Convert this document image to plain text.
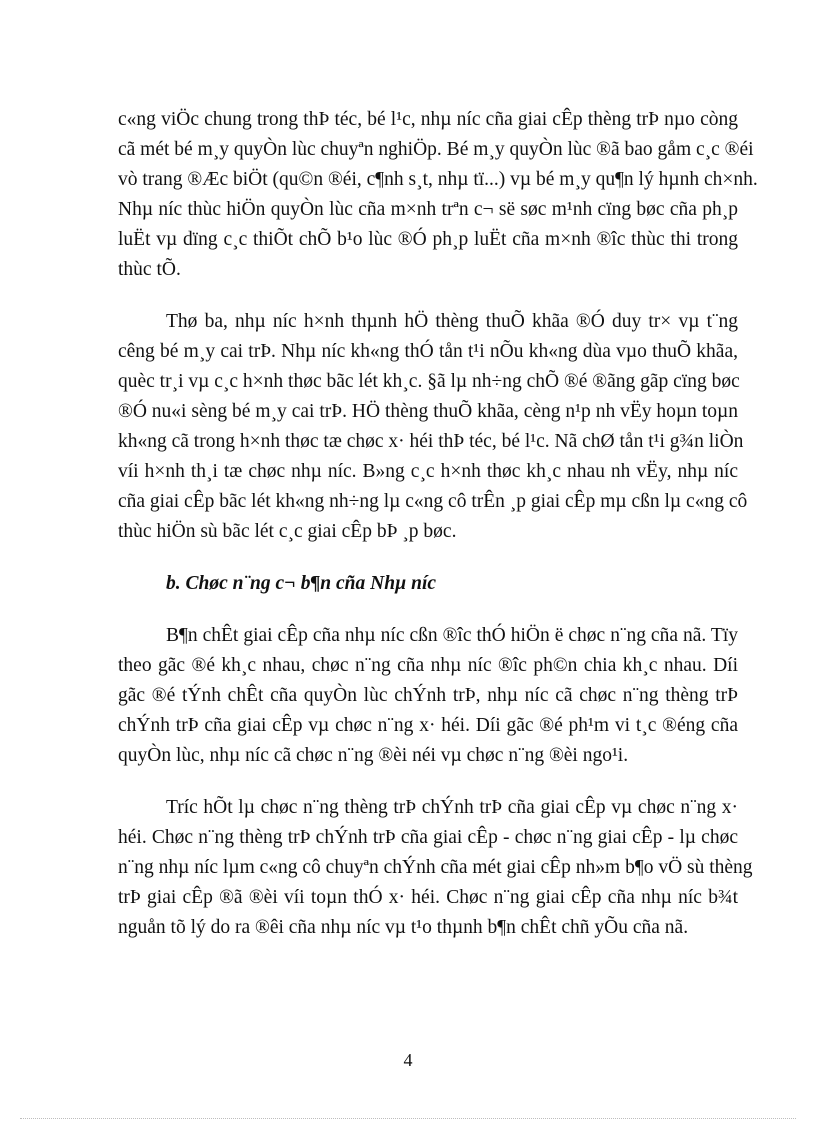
c«ng viÖc chung trong thÞ téc, bé l¹c, nhµ níc cña giai cÊp thèng trÞ nµo còng
cã mét bé m¸y quyÒn lùc chuyªn nghiÖp. Bé m¸y quyÒn lùc ®ã bao gåm c¸c ®éi
vò trang ®Æc biÖt (qu©n ®éi, c¶nh s¸t, nhµ tï...) vµ bé m¸y qu¶n lý hµnh ch×nh.
Nhµ níc thùc hiÖn quyÒn lùc cña m×nh trªn c¬ së søc m¹nh cïng bøc cña ph¸p
luËt vµ dïng c¸c thiÕt chÕ b¹o lùc ®Ó ph¸p luËt cña m×nh ®îc thùc thi trong
thùc tÕ.
Thø ba, nhµ níc h×nh thµnh hÖ thèng thuÕ khãa ®Ó duy tr× vµ t¨ng
cêng bé m¸y cai trÞ. Nhµ níc kh«ng thÓ tån t¹i nÕu kh«ng dùa vµo thuÕ khãa,
quèc tr¸i vµ c¸c h×nh thøc bãc lét kh¸c. §ã lµ nh÷ng chÕ ®é ®ãng gãp cïng bøc
®Ó nu«i sèng bé m¸y cai trÞ. HÖ thèng thuÕ khãa, cèng n¹p nh vËy hoµn toµn
kh«ng cã trong h×nh thøc tæ chøc x· héi thÞ téc, bé l¹c. Nã chØ tån t¹i g¾n liÒn
víi h×nh th¸i tæ chøc nhµ níc. B»ng c¸c h×nh thøc kh¸c nhau nh vËy, nhµ níc
cña giai cÊp bãc lét kh«ng nh÷ng lµ c«ng cô trÊn ¸p giai cÊp mµ cßn lµ c«ng cô
thùc hiÖn sù bãc lét c¸c giai cÊp bÞ ¸p bøc.
b. Chøc n¨ng c¬ b¶n cña Nhµ níc
B¶n chÊt giai cÊp cña nhµ níc cßn ®îc thÓ hiÖn ë chøc n¨ng cña nã. Tïy
theo gãc ®é kh¸c nhau, chøc n¨ng cña nhµ níc ®îc ph©n chia kh¸c nhau. Díi
gãc ®é tÝnh chÊt cña quyÒn lùc chÝnh trÞ, nhµ níc cã chøc n¨ng thèng trÞ
chÝnh trÞ cña giai cÊp vµ chøc n¨ng x· héi. Díi gãc ®é ph¹m vi t¸c ®éng cña
quyÒn lùc, nhµ níc cã chøc n¨ng ®èi néi vµ chøc n¨ng ®èi ngo¹i.
Tríc hÕt lµ chøc n¨ng thèng trÞ chÝnh trÞ cña giai cÊp vµ chøc n¨ng x·
héi. Chøc n¨ng thèng trÞ chÝnh trÞ cña giai cÊp - chøc n¨ng giai cÊp - lµ chøc
n¨ng nhµ níc lµm c«ng cô chuyªn chÝnh cña mét giai cÊp nh»m b¶o vÖ sù thèng
trÞ giai cÊp ®ã ®èi víi toµn thÓ x· héi. Chøc n¨ng giai cÊp cña nhµ níc b¾t
nguån tõ lý do ra ®êi cña nhµ níc vµ t¹o thµnh b¶n chÊt chñ yÕu cña nã.
4
